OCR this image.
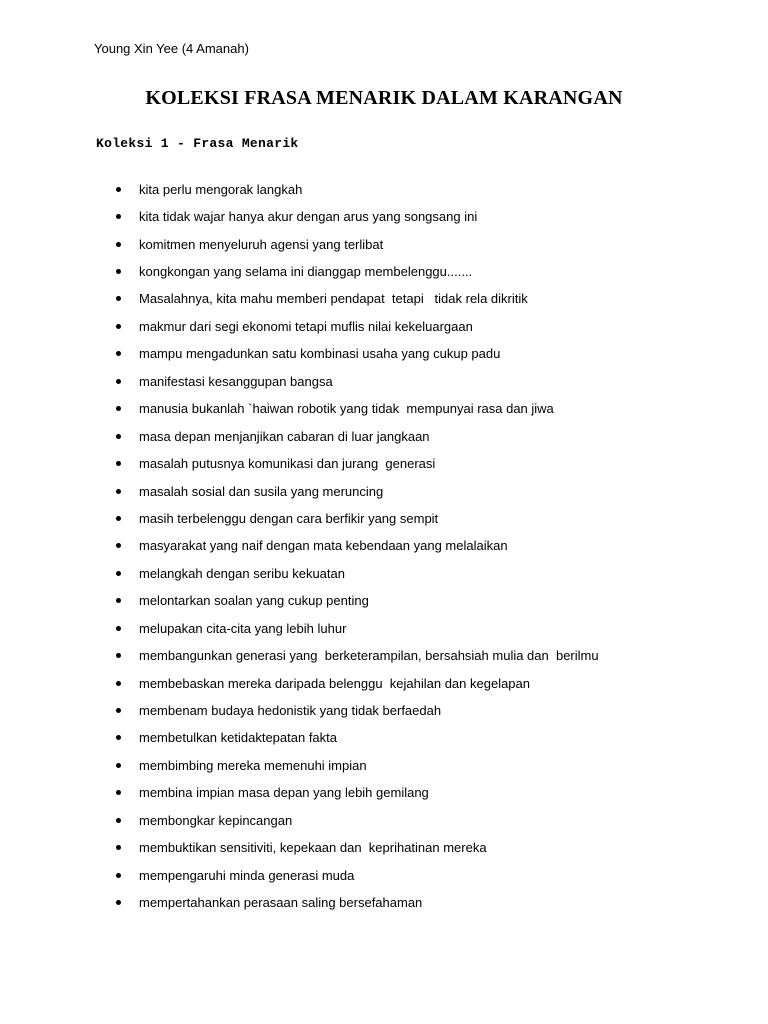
Young Xin Yee (4 Amanah)
KOLEKSI FRASA MENARIK DALAM KARANGAN
Koleksi 1 - Frasa Menarik
kita perlu mengorak langkah
kita tidak wajar hanya akur dengan arus yang songsang ini
komitmen menyeluruh agensi yang terlibat
kongkongan yang selama ini dianggap membelenggu.......
Masalahnya, kita mahu memberi pendapat  tetapi   tidak rela dikritik
makmur dari segi ekonomi tetapi muflis nilai kekeluargaan
mampu mengadunkan satu kombinasi usaha yang cukup padu
manifestasi kesanggupan bangsa
manusia bukanlah `haiwan robotik yang tidak  mempunyai rasa dan jiwa
masa depan menjanjikan cabaran di luar jangkaan
masalah putusnya komunikasi dan jurang  generasi
masalah sosial dan susila yang meruncing
masih terbelenggu dengan cara berfikir yang sempit
masyarakat yang naif dengan mata kebendaan yang melalaikan
melangkah dengan seribu kekuatan
melontarkan soalan yang cukup penting
melupakan cita-cita yang lebih luhur
membangunkan generasi yang  berketerampilan, bersahsiah mulia dan  berilmu
membebaskan mereka daripada belenggu  kejahilan dan kegelapan
membenam budaya hedonistik yang tidak berfaedah
membetulkan ketidaktepatan fakta
membimbing mereka memenuhi impian
membina impian masa depan yang lebih gemilang
membongkar kepincangan
membuktikan sensitiviti, kepekaan dan  keprihatinan mereka
mempengaruhi minda generasi muda
mempertahankan perasaan saling bersefahaman
